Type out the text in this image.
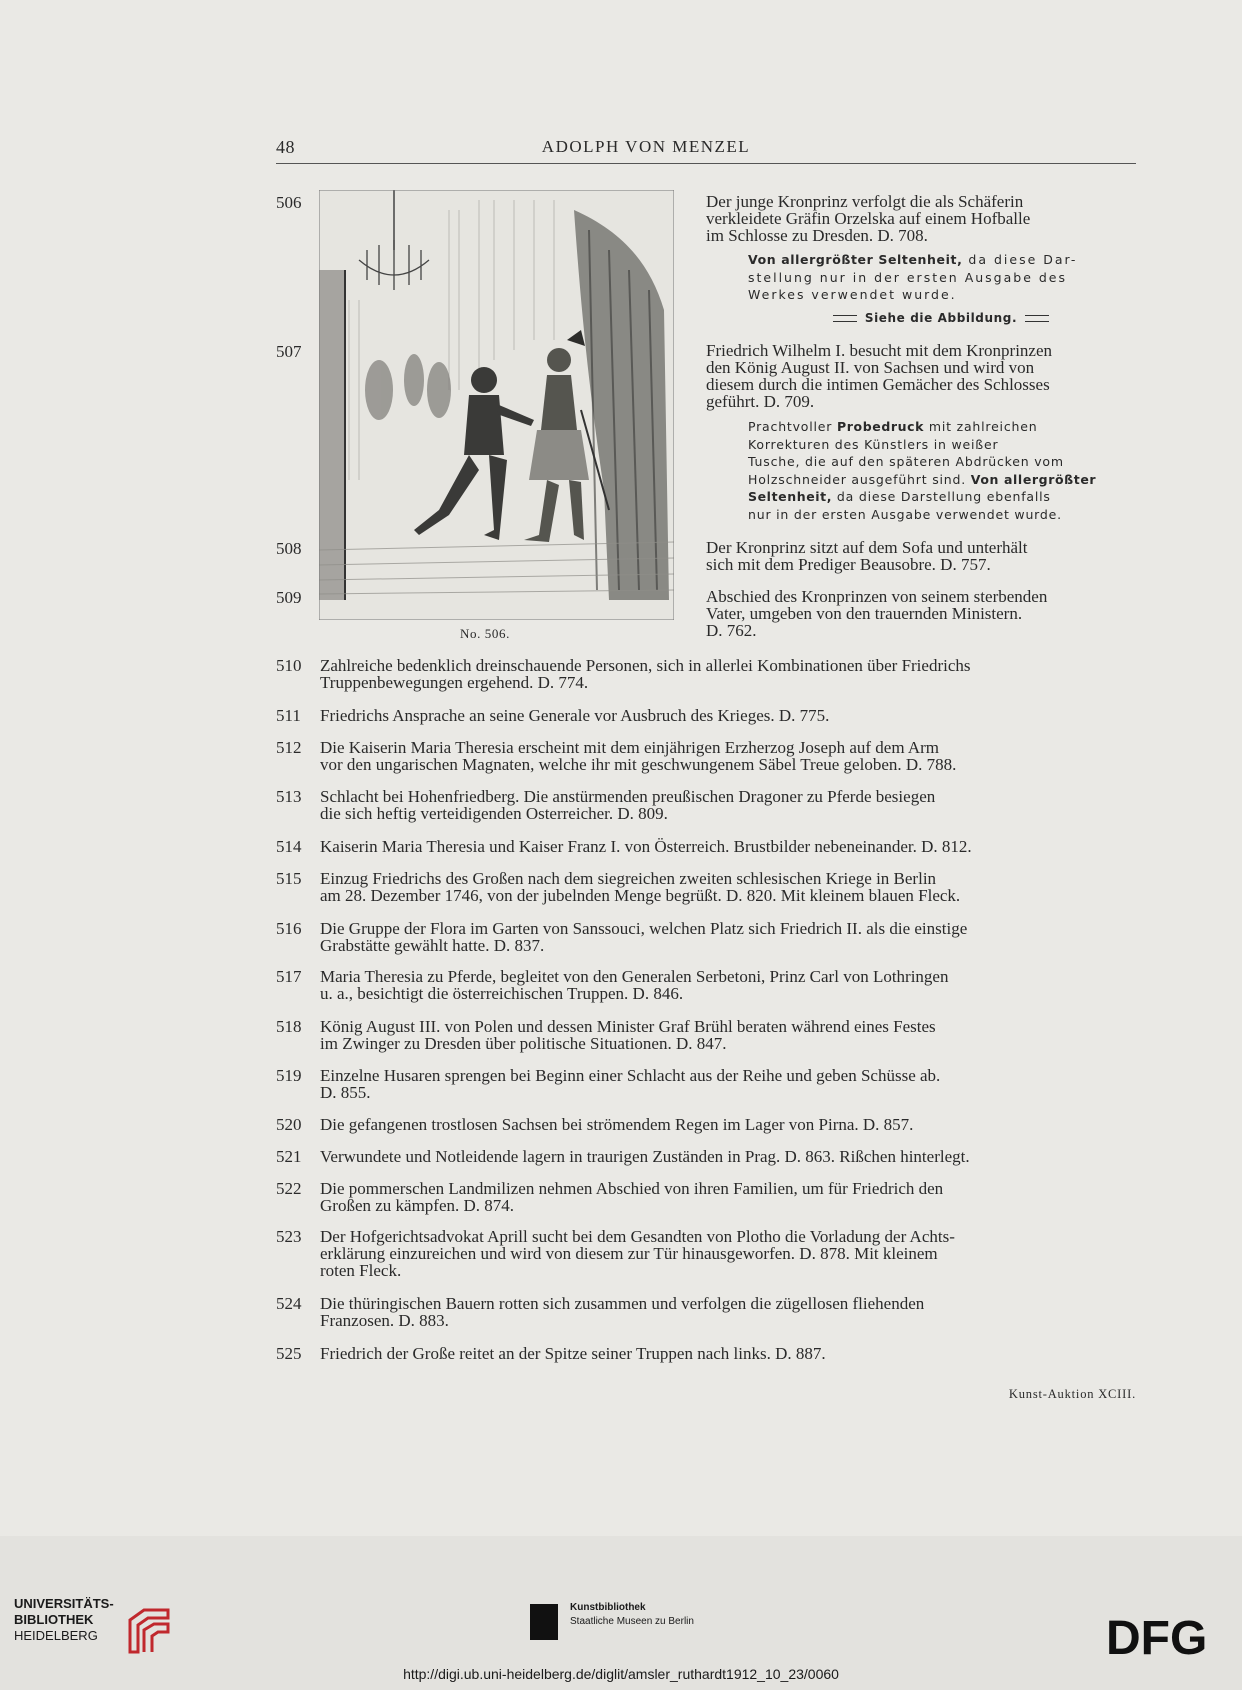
48	ADOLPH VON MENZEL
No. 506.
506	Der junge Kronprinz verfolgt die als Schäferin
verkleidete Gräfin Orzelska auf einem Hofballe
im Schlosse zu Dresden. D. 708.
Von allergrößter Seltenheit, da diese Dar-
stellung nur in der ersten Ausgabe des
Werkes verwendet wurde.
Siehe die Abbildung.
507	Friedrich Wilhelm I. besucht mit dem Kronprinzen
den König August II. von Sachsen und wird von
diesem durch die intimen Gemächer des Schlosses
geführt. D. 709.
Prachtvoller Probedruck mit zahlreichen
Korrekturen des Künstlers in weißer
Tusche, die auf den späteren Abdrücken vom
Holzschneider ausgeführt sind. Von allergrößter
Seltenheit, da diese Darstellung ebenfalls
nur in der ersten Ausgabe verwendet wurde.
508	Der Kronprinz sitzt auf dem Sofa und unterhält
sich mit dem Prediger Beausobre. D. 757.
509	Abschied des Kronprinzen von seinem sterbenden
Vater, umgeben von den trauernden Ministern.
D. 762.
510 Zahlreiche bedenklich dreinschauende Personen, sich in allerlei Kombinationen über Friedrichs
Truppenbewegungen ergehend. D. 774.
511 Friedrichs Ansprache an seine Generale vor Ausbruch des Krieges. D. 775.
512 Die Kaiserin Maria Theresia erscheint mit dem einjährigen Erzherzog Joseph auf dem Arm
vor den ungarischen Magnaten, welche ihr mit geschwungenem Säbel Treue geloben. D. 788.
513 Schlacht bei Hohenfriedberg. Die anstürmenden preußischen Dragoner zu Pferde besiegen
die sich heftig verteidigenden Osterreicher. D. 809.
514 Kaiserin Maria Theresia und Kaiser Franz I. von Österreich. Brustbilder nebeneinander. D. 812.
515 Einzug Friedrichs des Großen nach dem siegreichen zweiten schlesischen Kriege in Berlin
am 28. Dezember 1746, von der jubelnden Menge begrüßt. D. 820. Mit kleinem blauen Fleck.
516 Die Gruppe der Flora im Garten von Sanssouci, welchen Platz sich Friedrich II. als die einstige
Grabstätte gewählt hatte. D. 837.
517 Maria Theresia zu Pferde, begleitet von den Generalen Serbetoni, Prinz Carl von Lothringen
u. a., besichtigt die österreichischen Truppen. D. 846.
518 König August III. von Polen und dessen Minister Graf Brühl beraten während eines Festes
im Zwinger zu Dresden über politische Situationen. D. 847.
519 Einzelne Husaren sprengen bei Beginn einer Schlacht aus der Reihe und geben Schüsse ab.
D. 855.
520 Die gefangenen trostlosen Sachsen bei strömendem Regen im Lager von Pirna. D. 857.
521 Verwundete und Notleidende lagern in traurigen Zuständen in Prag. D. 863. Rißchen hinterlegt.
522 Die pommerschen Landmilizen nehmen Abschied von ihren Familien, um für Friedrich den
Großen zu kämpfen. D. 874.
523 Der Hofgerichtsadvokat Aprill sucht bei dem Gesandten von Plotho die Vorladung der Achts-
erklärung einzureichen und wird von diesem zur Tür hinausgeworfen. D. 878. Mit kleinem
roten Fleck.
524 Die thüringischen Bauern rotten sich zusammen und verfolgen die zügellosen fliehenden
Franzosen. D. 883.
525 Friedrich der Große reitet an der Spitze seiner Truppen nach links. D. 887.
Kunst-Auktion XCIII.
UNIVERSITÄTS-
BIBLIOTHEK
HEIDELBERG
Kunstbibliothek
Staatliche Museen zu Berlin	DFG
http://digi.ub.uni-heidelberg.de/diglit/amsler_ruthardt1912_10_23/0060
